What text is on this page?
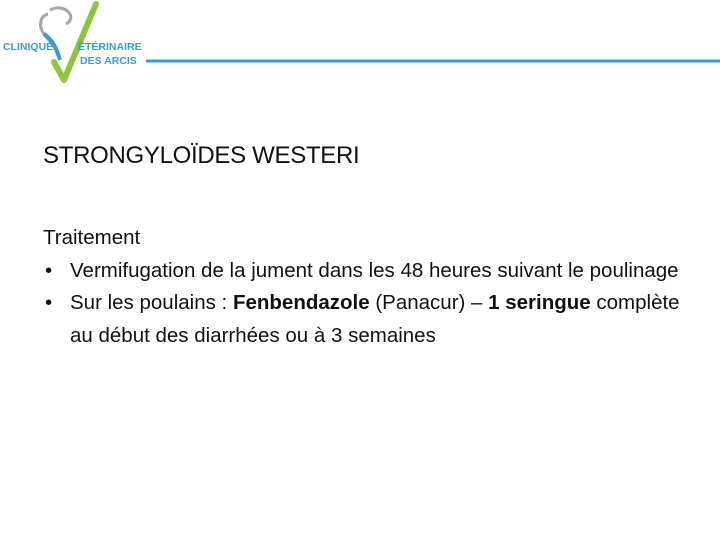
CLINIQUE ÉTÉRINAIRE
DES ARCIS
STRONGYLOÏDES WESTERI

Traitement

• Vermifugation de la jument dans les 48 heures suivant le poulinage
• Sur les poulains : Fenbendazole (Panacur) – 1 seringue complète au début des diarrhées ou à 3 semaines
